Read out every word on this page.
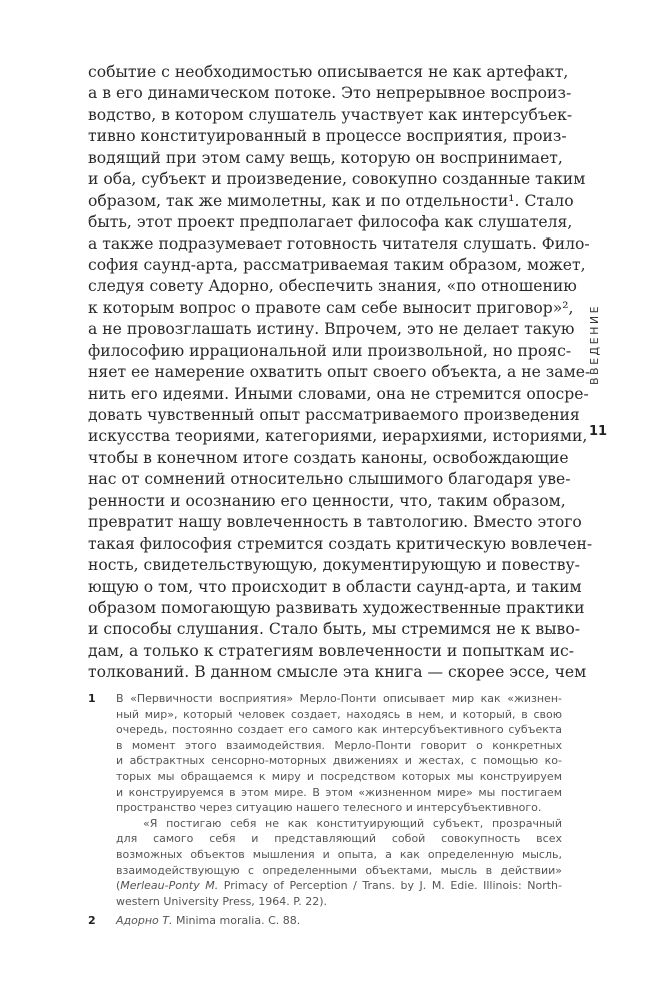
событие с необходимостью описывается не как артефакт,
а в его динамическом потоке. Это непрерывное воспроиз-
водство, в котором слушатель участвует как интерсубъек-
тивно конституированный в процессе восприятия, произ-
водящий при этом саму вещь, которую он воспринимает,
и оба, субъект и произведение, совокупно созданные таким
образом, так же мимолетны, как и по отдельности¹. Стало
быть, этот проект предполагает философа как слушателя,
а также подразумевает готовность читателя слушать. Фило-
софия саунд-арта, рассматриваемая таким образом, может,
следуя совету Адорно, обеспечить знания, «по отношению
к которым вопрос о правоте сам себе выносит приговор»²,
а не провозглашать истину. Впрочем, это не делает такую
философию иррациональной или произвольной, но прояс-
няет ее намерение охватить опыт своего объекта, а не заме-
нить его идеями. Иными словами, она не стремится опосре-
довать чувственный опыт рассматриваемого произведения
искусства теориями, категориями, иерархиями, историями,
чтобы в конечном итоге создать каноны, освобождающие
нас от сомнений относительно слышимого благодаря уве-
ренности и осознанию его ценности, что, таким образом,
превратит нашу вовлеченность в тавтологию. Вместо этого
такая философия стремится создать критическую вовлечен-
ность, свидетельствующую, документирующую и повеству-
ющую о том, что происходит в области саунд-арта, и таким
образом помогающую развивать художественные практики
и способы слушания. Стало быть, мы стремимся не к выво-
дам, а только к стратегиям вовлеченности и попыткам ис-
толкований. В данном смысле эта книга — скорее эссе, чем
1 В «Первичности восприятия» Мерло-Понти описывает мир как «жизнен-
ный мир», который человек создает, находясь в нем, и который, в свою
очередь, постоянно создает его самого как интерсубъективного субъекта
в момент этого взаимодействия. Мерло-Понти говорит о конкретных
и абстрактных сенсорно-моторных движениях и жестах, с помощью ко-
торых мы обращаемся к миру и посредством которых мы конструируем
и конструируемся в этом мире. В этом «жизненном мире» мы постигаем
пространство через ситуацию нашего телесного и интерсубъективного.
«Я постигаю себя не как конституирующий субъект, прозрачный
для самого себя и представляющий собой совокупность всех
возможных объектов мышления и опыта, а как определенную мысль,
взаимодействующую с определенными объектами, мысль в действии»
(Merleau-Ponty M. Primacy of Perception / Trans. by J. M. Edie. Illinois: North-
western University Press, 1964. P. 22).
2 Адорно Т. Minima moralia. С. 88.
ВВЕДЕНИЕ
11
